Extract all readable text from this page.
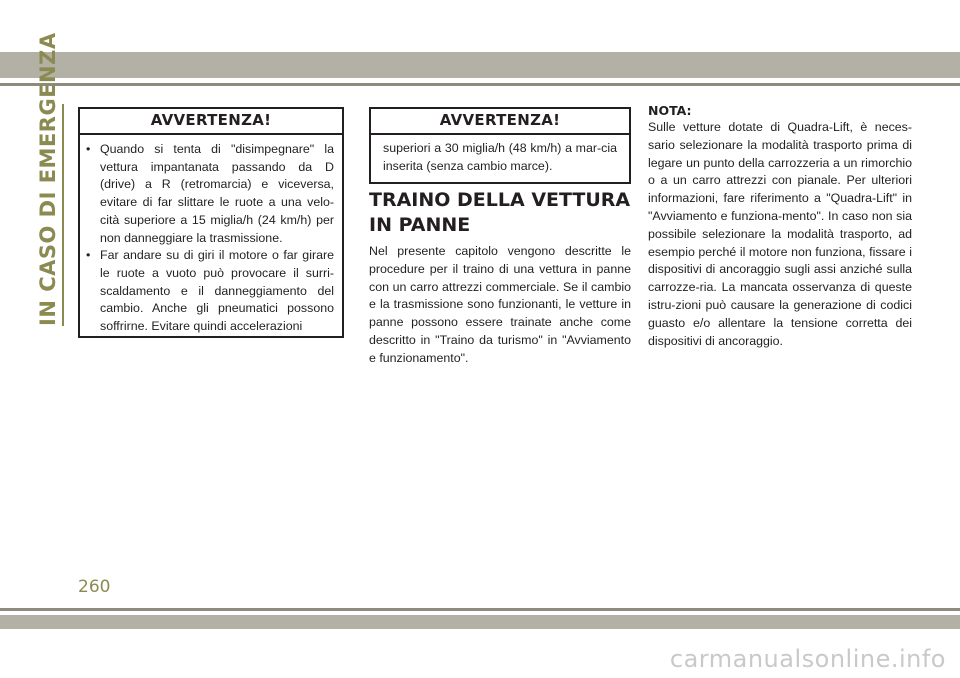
IN CASO DI EMERGENZA	AVVERTENZA!
• Quando si tenta di "disimpegnare" la vettura impantanata passando da D (drive) a R (retromarcia) e viceversa, evitare di far slittare le ruote a una velo-cità superiore a 15 miglia/h (24 km/h) per non danneggiare la trasmissione.
• Far andare su di giri il motore o far girare le ruote a vuoto può provocare il surri-scaldamento e il danneggiamento del cambio. Anche gli pneumatici possono soffrirne. Evitare quindi accelerazioni
AVVERTENZA!
superiori a 30 miglia/h (48 km/h) a mar-cia inserita (senza cambio marce).
TRAINO DELLA VETTURA
IN PANNE
Nel presente capitolo vengono descritte le procedure per il traino di una vettura in panne con un carro attrezzi commerciale. Se il cambio e la trasmissione sono funzionanti, le vetture in panne possono essere trainate anche come descritto in "Traino da turismo" in "Avviamento e funzionamento".
NOTA:
Sulle vetture dotate di Quadra-Lift, è neces-sario selezionare la modalità trasporto prima di legare un punto della carrozzeria a un rimorchio o a un carro attrezzi con pianale. Per ulteriori informazioni, fare riferimento a "Quadra-Lift" in "Avviamento e funziona-mento". In caso non sia possibile selezionare la modalità trasporto, ad esempio perché il motore non funziona, fissare i dispositivi di ancoraggio sugli assi anziché sulla carrozze-ria. La mancata osservanza di queste istru-zioni può causare la generazione di codici guasto e/o allentare la tensione corretta dei dispositivi di ancoraggio.
260
carmanualsonline.info
